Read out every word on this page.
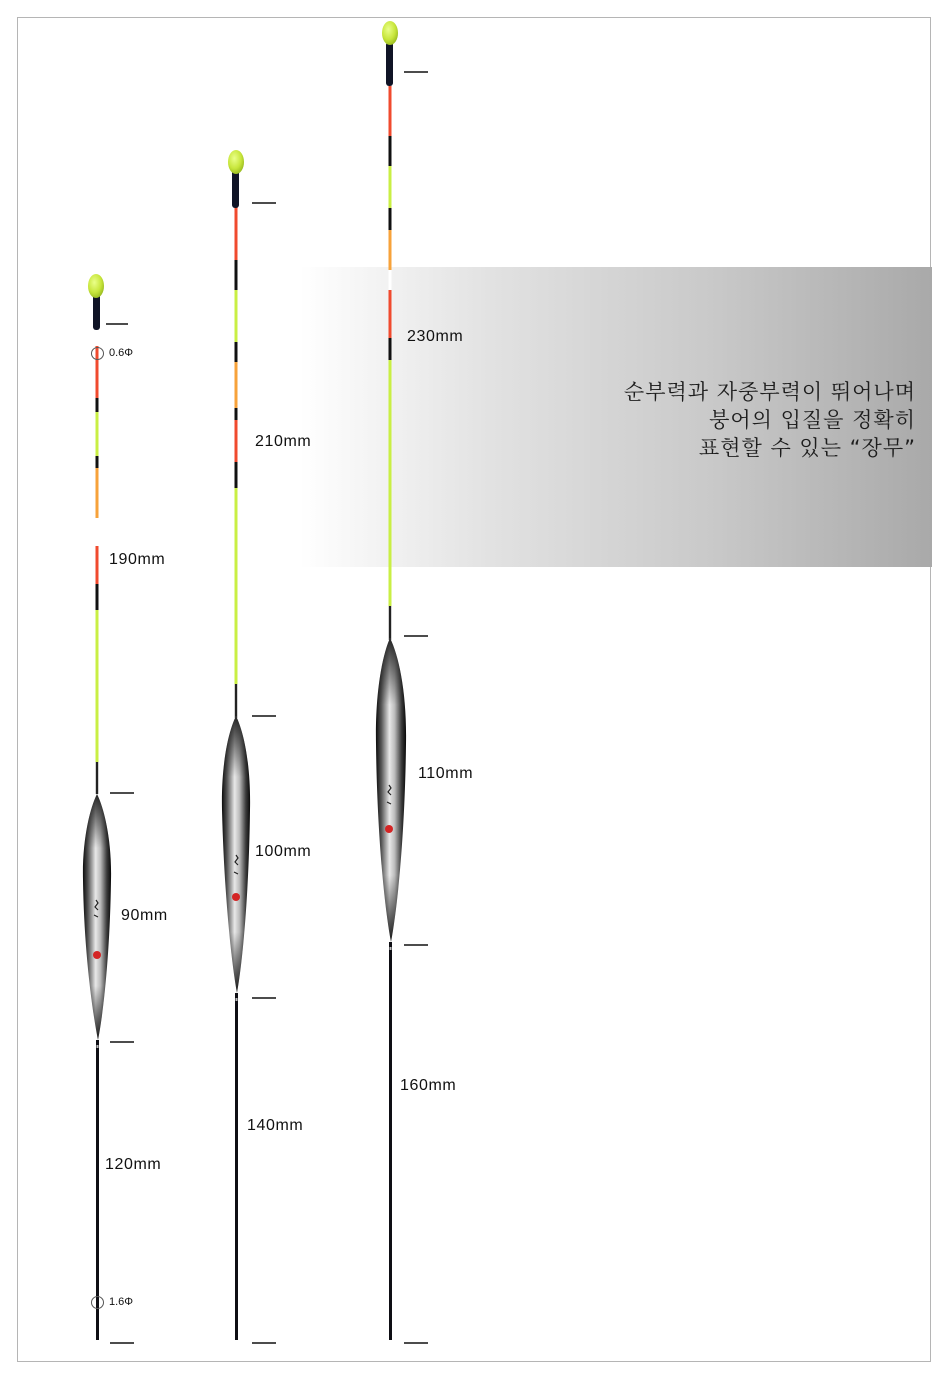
순부력과 자중부력이 뛰어나며
붕어의 입질을 정확히
표현할 수 있는 “장무”
0.6Φ
1.6Φ
190mm
90mm
120mm
210mm
100mm
140mm
230mm
110mm
160mm
